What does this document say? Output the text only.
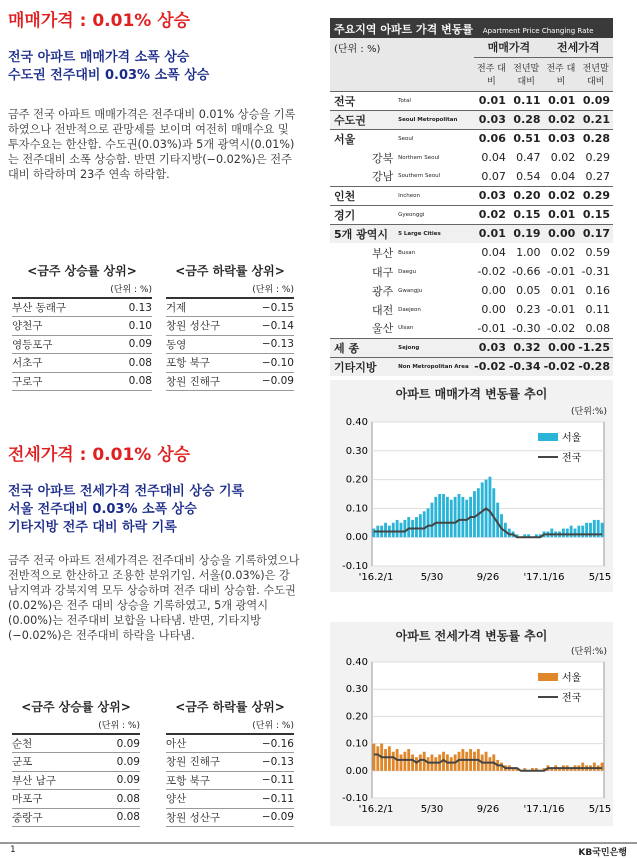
매매가격 : 0.01% 상승
전국 아파트 매매가격 소폭 상승
수도권 전주대비 0.03% 소폭 상승
금주 전국 아파트 매매가격은 전주대비 0.01% 상승을 기록하였으나 전반적으로 관망세를 보이며 여전히 매매수요 및 투자수요는 한산함. 수도권(0.03%)과 5개 광역시(0.01%)는 전주대비 소폭 상승함. 반면 기타지방(−0.02%)은 전주대비 하락하며 23주 연속 하락함.
<금주 상승률 상위>
(단위 : %)
부산 동래구	0.13
양천구	0.10
영등포구	0.09
서초구	0.08
구로구	0.08
<금주 하락률 상위>
(단위 : %)
거제	−0.15
창원 성산구	−0.14
동영	−0.13
포항 북구	−0.10
창원 진해구	−0.09
전세가격 : 0.01% 상승
전국 아파트 전세가격 전주대비 상승 기록
서울 전주대비 0.03% 소폭 상승
기타지방 전주 대비 하락 기록
금주 전국 아파트 전세가격은 전주대비 상승을 기록하였으나 전반적으로 한산하고 조용한 분위기임. 서울(0.03%)은 강남지역과 강북지역 모두 상승하며 전주 대비 상승함. 수도권(0.02%)은 전주 대비 상승을 기록하였고, 5개 광역시(0.00%)는 전주대비 보합을 나타냄. 반면, 기타지방(−0.02%)은 전주대비 하락을 나타냄.
<금주 상승률 상위>
(단위 : %)
순천	0.09
군포	0.09
부산 남구	0.09
마포구	0.08
중랑구	0.08
<금주 하락률 상위>
(단위 : %)
아산	−0.16
창원 진해구	−0.13
포항 북구	−0.11
양산	−0.11
창원 성산구	−0.09
주요지역 아파트 가격 변동률 Apartment Price Changing Rate
(단위 : %)		매매가격		전세가격	
		전주 대비	전년말 대비	전주 대비	전년말 대비
전국	Total	0.01	0.11	0.01	0.09
수도권	Seoul Metropolitan	0.03	0.28	0.02	0.21
서울	Seoul	0.06	0.51	0.03	0.28
강북	Northern Seoul	0.04	0.47	0.02	0.29
강남	Southern Seoul	0.07	0.54	0.04	0.27
인천	Incheon	0.03	0.20	0.02	0.29
경기	Gyeonggi	0.02	0.15	0.01	0.15
5개 광역시	5 Large Cities	0.01	0.19	0.00	0.17
부산	Busan	0.04	1.00	0.02	0.59
대구	Daegu	-0.02	-0.66	-0.01	-0.31
광주	Gwangju	0.00	0.05	0.01	0.16
대전	Daejeon	0.00	0.23	-0.01	0.11
울산	Ulsan	-0.01	-0.30	-0.02	0.08
세 종	Sejong	0.03	0.32	0.00	-1.25
기타지방	Non Metropolitan Area	-0.02	-0.34	-0.02	-0.28
아파트 매매가격 변동률 추이
(단위:%)
0.40
0.30
0.20
0.10
0.00
-0.10
'16.2/1	5/30	9/26 '17.1/16 5/15
서울
전국
아파트 전세가격 변동률 추이
(단위:%)
0.40
0.30
0.20
0.10
0.00
-0.10
'16.2/1	5/30	9/26 '17.1/16 5/15
서울
전국
1	KB국민은행
